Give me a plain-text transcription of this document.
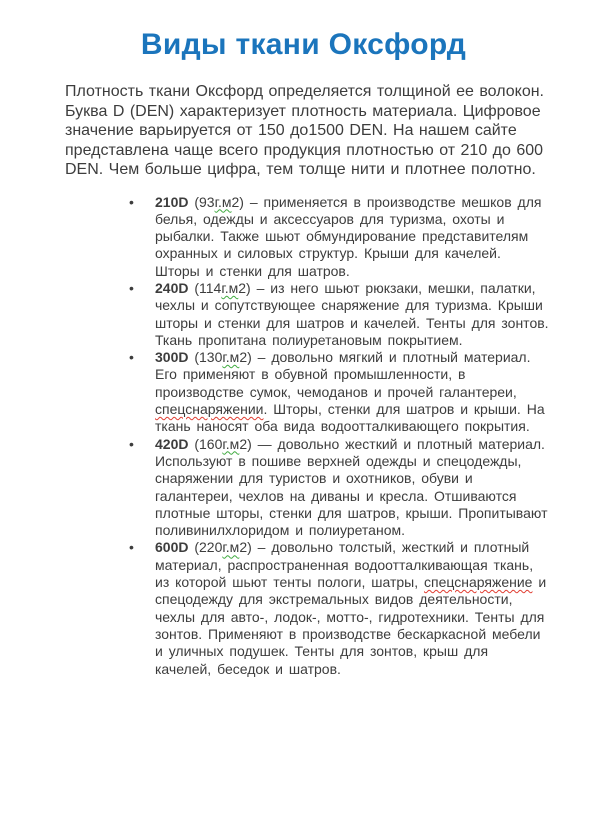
Виды ткани Оксфорд

Плотность ткани Оксфорд определяется толщиной ее волокон. Буква D (DEN) характеризует плотность материала. Цифровое значение варьируется от 150 до1500 DEN. На нашем сайте представлена чаще всего продукция плотностью от 210 до 600 DEN. Чем больше цифра, тем толще нити и плотнее полотно.

• 210D (93г.м2) – применяется в производстве мешков для белья, одежды и аксессуаров для туризма, охоты и рыбалки. Также шьют обмундирование представителям охранных и силовых структур. Крыши для качелей. Шторы и стенки для шатров.
• 240D (114г.м2) – из него шьют рюкзаки, мешки, палатки, чехлы и сопутствующее снаряжение для туризма. Крыши шторы и стенки для шатров и качелей. Тенты для зонтов. Ткань пропитана полиуретановым покрытием.
• 300D (130г.м2) – довольно мягкий и плотный материал. Его применяют в обувной промышленности, в производстве сумок, чемоданов и прочей галантереи, спецснаряжении. Шторы, стенки для шатров и крыши. На ткань наносят оба вида водоотталкивающего покрытия.
• 420D (160г.м2) — довольно жесткий и плотный материал. Используют в пошиве верхней одежды и спецодежды, снаряжении для туристов и охотников, обуви и галантереи, чехлов на диваны и кресла. Отшиваются плотные шторы, стенки для шатров, крыши. Пропитывают поливинилхлоридом и полиуретаном.
• 600D (220г.м2) – довольно толстый, жесткий и плотный материал, распространенная водоотталкивающая ткань, из которой шьют тенты пологи, шатры, спецснаряжение и спецодежду для экстремальных видов деятельности, чехлы для авто-, лодок-, мотто-, гидротехники. Тенты для зонтов. Применяют в производстве бескаркасной мебели и уличных подушек. Тенты для зонтов, крыш для качелей, беседок и шатров.
